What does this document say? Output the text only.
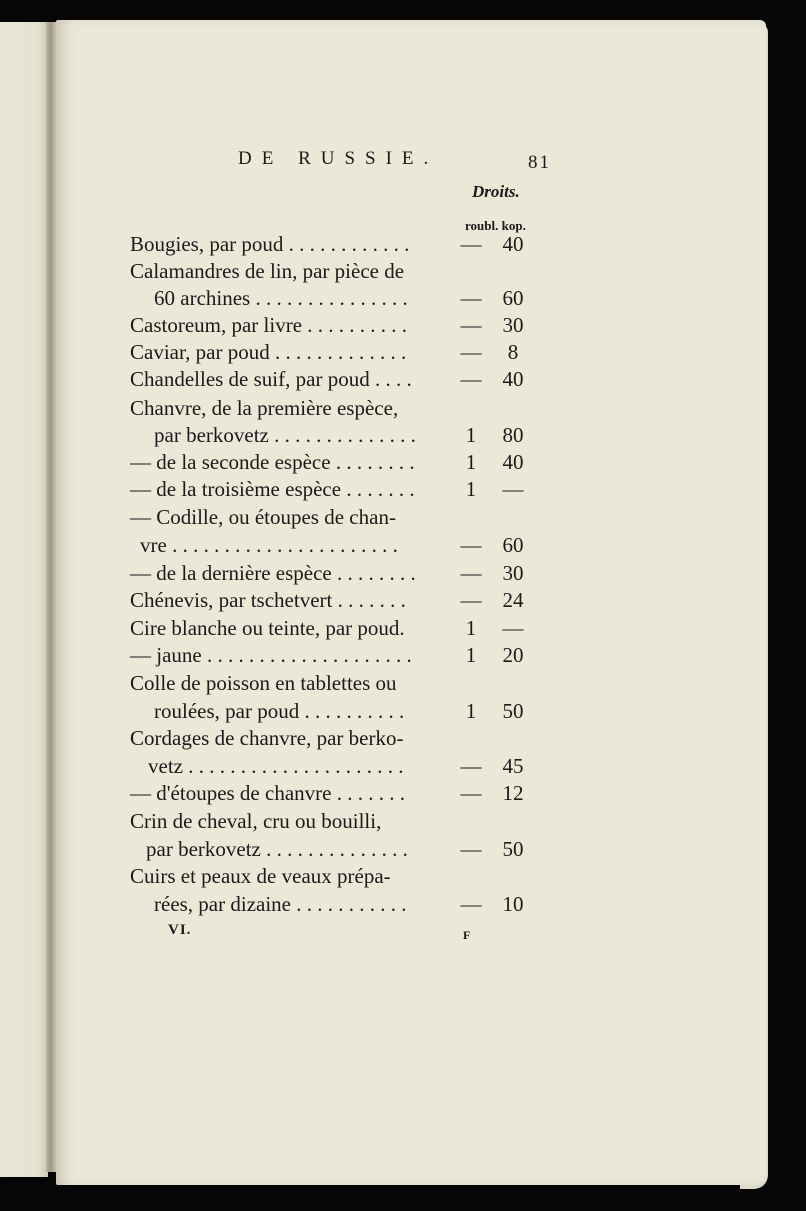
DE RUSSIE.	81
Droits.
roubl. kop.
Bougies, par poud . . . . . . . . . . . . —	40
Calamandres de lin, par pièce de
60 archines . . . . . . . . . . . . . . .	—	60
Castoreum, par livre . . . . . . . . . .	—	30
Caviar, par poud . . . . . . . . . . . . .	—	8
Chandelles de suif, par poud . . . . —	40
Chanvre, de la première espèce,
par berkovetz . . . . . . . . . . . . . .	1	80
— de la seconde espèce . . . . . . . .	1	40
— de la troisième espèce . . . . . . .	1	—
— Codille, ou étoupes de chan-
vre . . . . . . . . . . . . . . . . . . . . . .	—	60
— de la dernière espèce . . . . . . . . —	30
Chénevis, par tschetvert . . . . . . .	—	24
Cire blanche ou teinte, par poud.	1	—
— jaune . . . . . . . . . . . . . . . . . . . .	1	20
Colle de poisson en tablettes ou
roulées, par poud . . . . . . . . . .	1	50
Cordages de chanvre, par berko-
vetz . . . . . . . . . . . . . . . . . . . . .	—	45
— d'étoupes de chanvre . . . . . . .	—	12
Crin de cheval, cru ou bouilli,
par berkovetz . . . . . . . . . . . . . .	—	50
Cuirs et peaux de veaux prépa-
rées, par dizaine . . . . . . . . . . .	—	10
VI.	F
